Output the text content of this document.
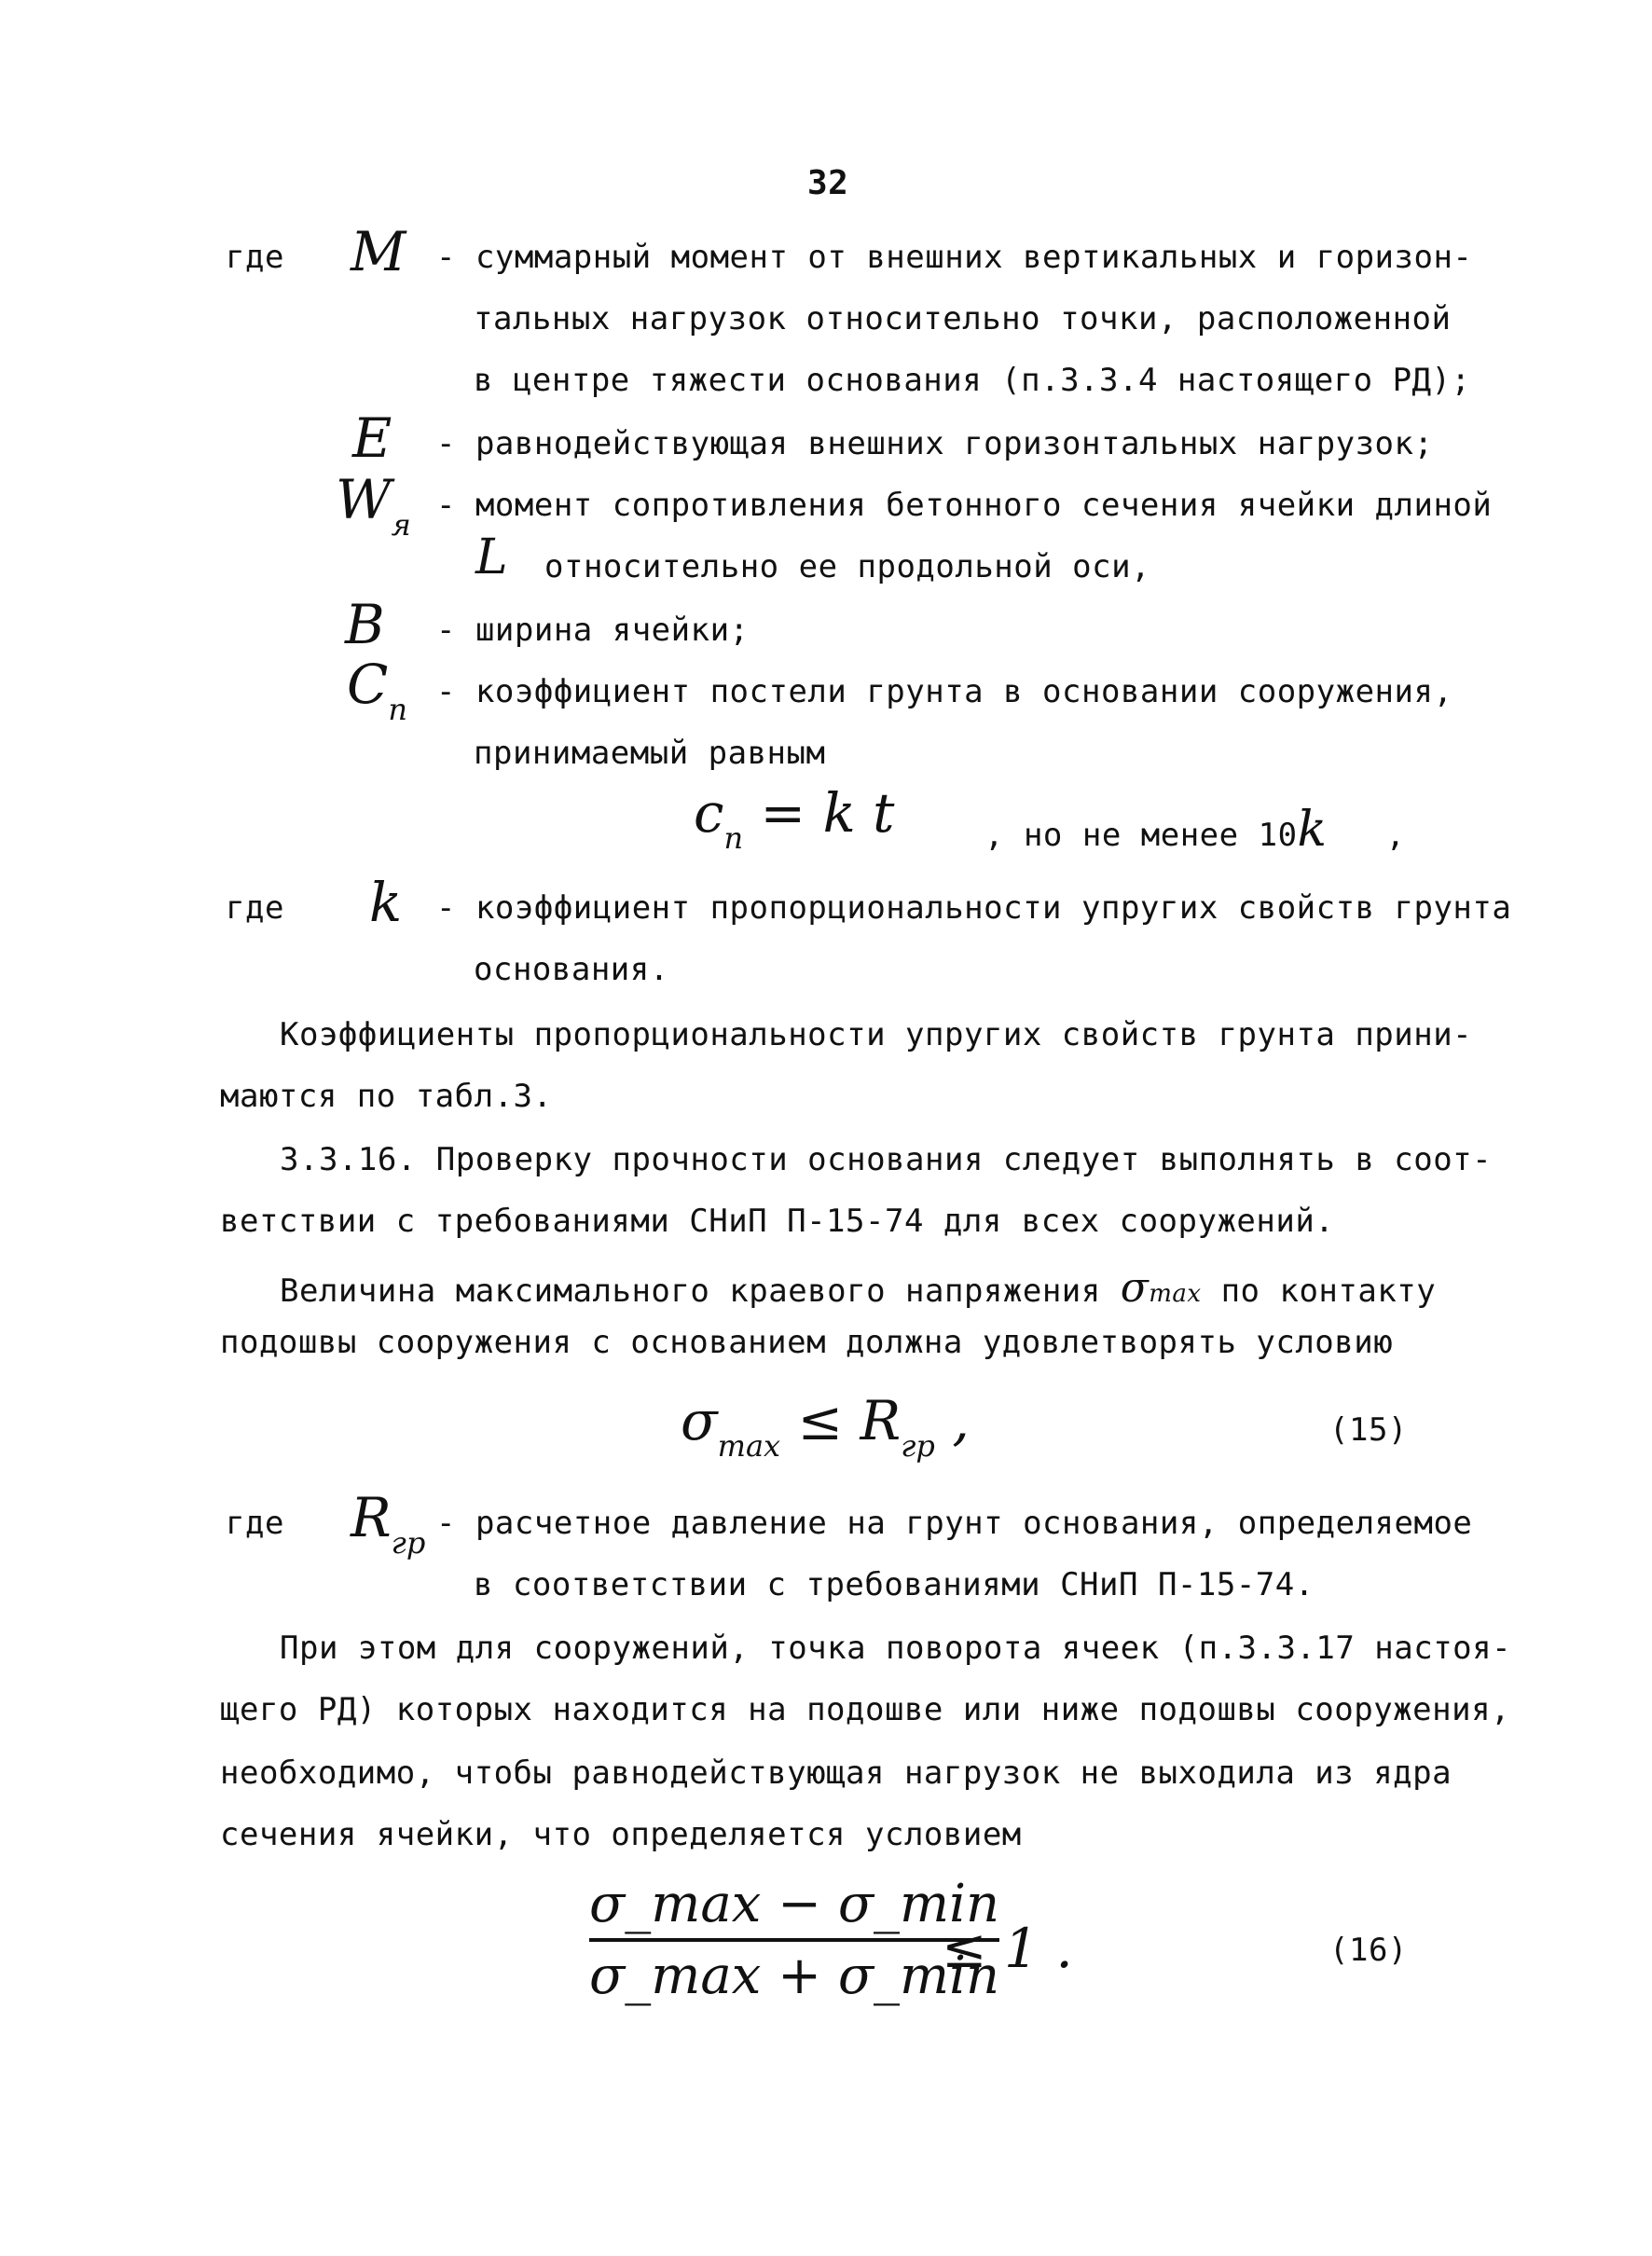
32
где M - суммарный момент от внешних вертикальных и горизон-
тальных нагрузок относительно точки, расположенной
в центре тяжести основания (п.3.3.4 настоящего РД);
E - равнодействующая внешних горизонтальных нагрузок;
$W_я$
- момент сопротивления бетонного сечения ячейки длиной
L относительно ее продольной оси,
B - ширина ячейки;
$C_п$ - коэффициент постели грунта в основании сооружения,
принимаемый равным
$c_п = k$ t	, но не менее 10k ,
где k - коэффициент пропорциональности упругих свойств грунта
основания.
Коэффициенты пропорциональности упругих свойств грунта прини-
маются по табл.3.
3.3.16. Проверку прочности основания следует выполнять в соот-
ветствии с требованиями СНиП П-15-74 для всех сооружений.
Величина максимального краевого напряжения σmax по контакту
подошвы сооружения с основанием должна удовлетворять условию
$\sigma_{max} \le R_{гр}$ ,	(15)
где $R_{гр}$
- расчетное давление на грунт основания, определяемое
в соответствии с требованиями СНиП П-15-74.
При этом для сооружений, точка поворота ячеек (п.3.3.17 настоя-
щего РД) которых находится на подошве или ниже подошвы сооружения,
необходимо, чтобы равнодействующая нагрузок не выходила из ядра
сечения ячейки, что определяется условием
σ_max − σ_min
σ_max + σ_min
≤ 1 .	(16)
